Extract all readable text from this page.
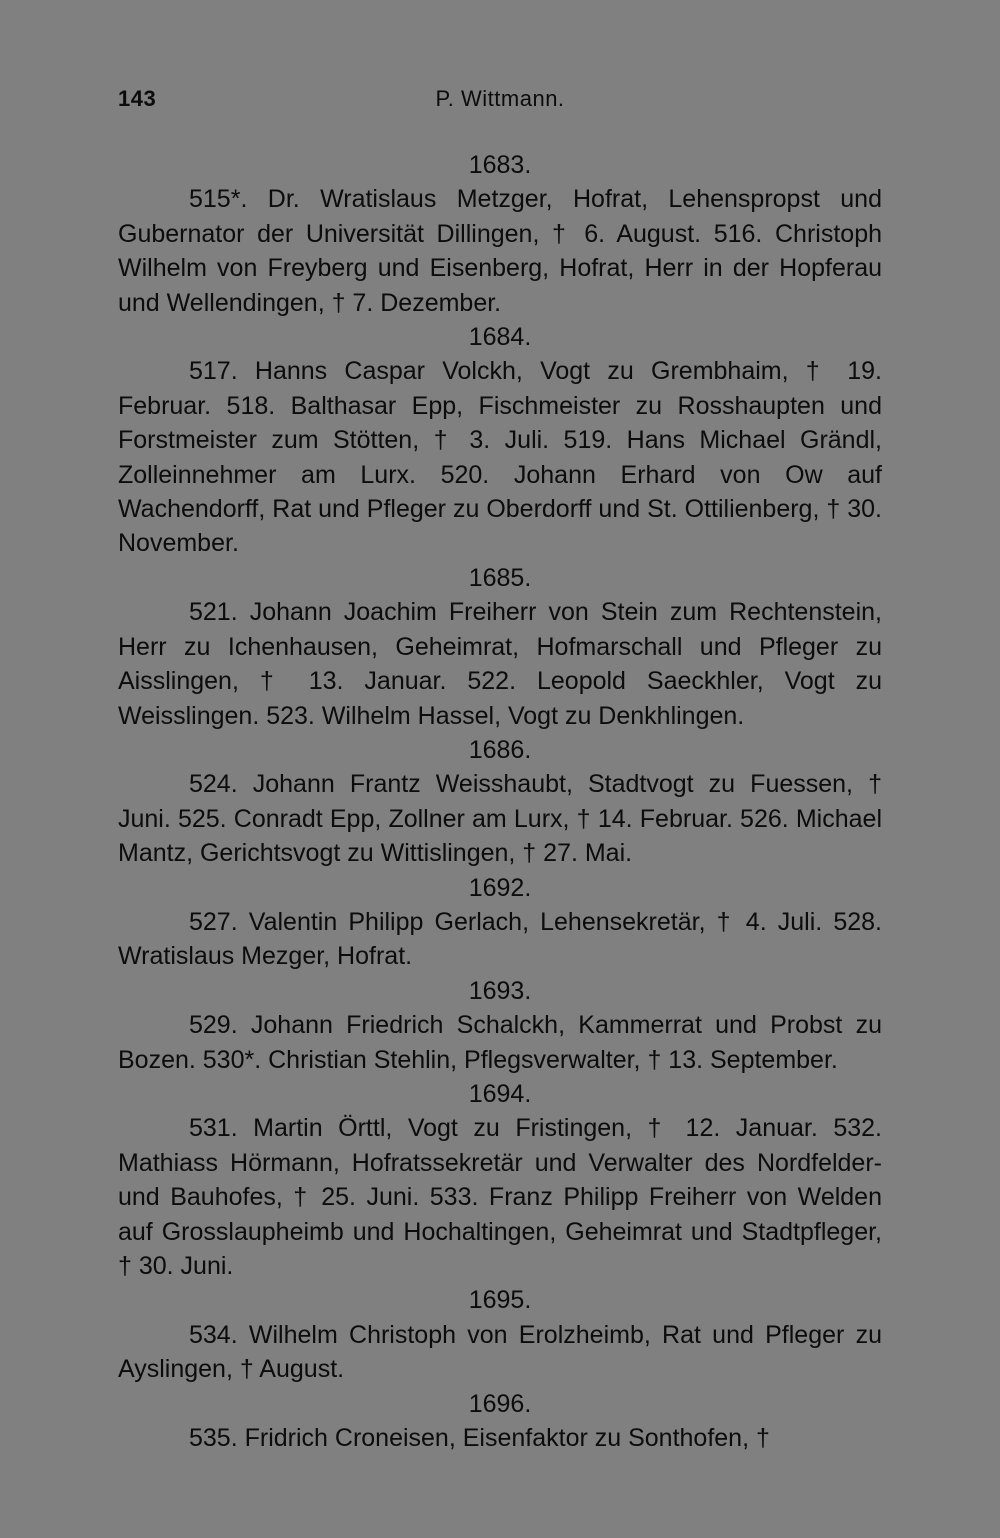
143	P. Wittmann.

1683.

515*. Dr. Wratislaus Metzger, Hofrat, Lehenspropst und Gubernator der Universität Dillingen, † 6. August. 516. Christoph Wilhelm von Freyberg und Eisenberg, Hofrat, Herr in der Hopferau und Wellendingen, † 7. Dezember.

1684.

517. Hanns Caspar Volckh, Vogt zu Grembhaim, † 19. Februar. 518. Balthasar Epp, Fischmeister zu Rosshaupten und Forstmeister zum Stötten, † 3. Juli. 519. Hans Michael Grändl, Zolleinnehmer am Lurx. 520. Johann Erhard von Ow auf Wachendorff, Rat und Pfleger zu Oberdorff und St. Ottilienberg, † 30. November.

1685.

521. Johann Joachim Freiherr von Stein zum Rechtenstein, Herr zu Ichenhausen, Geheimrat, Hofmarschall und Pfleger zu Aisslingen, † 13. Januar. 522. Leopold Saeckhler, Vogt zu Weisslingen. 523. Wilhelm Hassel, Vogt zu Denkhlingen.

1686.

524. Johann Frantz Weisshaubt, Stadtvogt zu Fuessen, † Juni. 525. Conradt Epp, Zollner am Lurx, † 14. Februar. 526. Michael Mantz, Gerichtsvogt zu Wittislingen, † 27. Mai.

1692.

527. Valentin Philipp Gerlach, Lehensekretär, † 4. Juli. 528. Wratislaus Mezger, Hofrat.

1693.

529. Johann Friedrich Schalckh, Kammerrat und Probst zu Bozen. 530*. Christian Stehlin, Pflegsverwalter, † 13. September.

1694.

531. Martin Örttl, Vogt zu Fristingen, † 12. Januar. 532. Mathiass Hörmann, Hofratssekretär und Verwalter des Nordfelder- und Bauhofes, † 25. Juni. 533. Franz Philipp Freiherr von Welden auf Grosslaupheimb und Hochaltingen, Geheimrat und Stadtpfleger, † 30. Juni.

1695.

534. Wilhelm Christoph von Erolzheimb, Rat und Pfleger zu Ayslingen, † August.

1696.

535. Fridrich Croneisen, Eisenfaktor zu Sonthofen, †
